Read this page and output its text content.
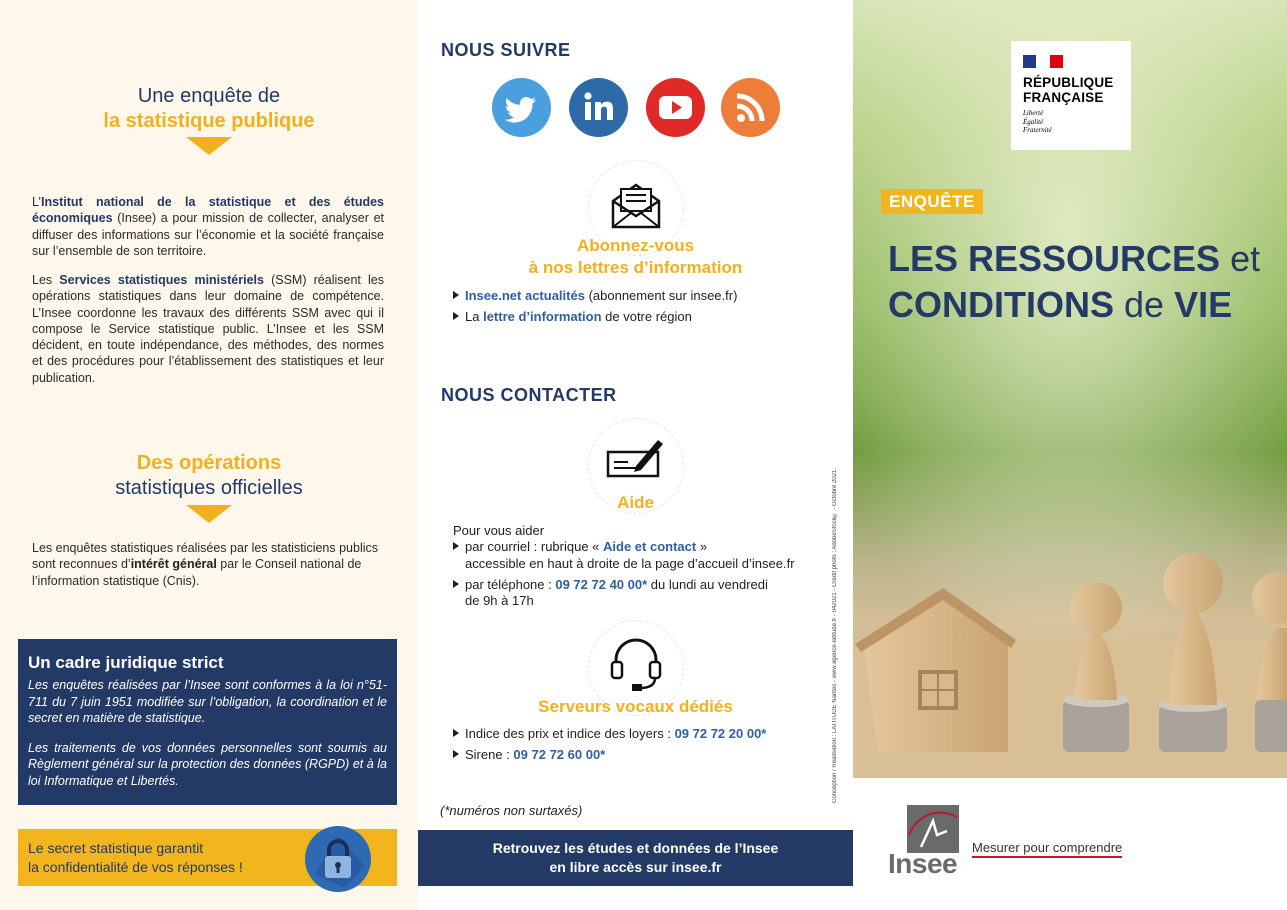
Une enquête de
la statistique publique
L’Institut national de la statistique et des études économiques (Insee) a pour mission de collecter, analyser et diffuser des informations sur l’économie et la société française sur l’ensemble de son territoire.
Les Services statistiques ministériels (SSM) réalisent les opérations statistiques dans leur domaine de compétence. L’Insee coordonne les travaux des différents SSM avec qui il compose le Service statistique public. L’Insee et les SSM décident, en toute indépendance, des méthodes, des normes et des procédures pour l’établissement des statistiques et leur publication.
Des opérations
statistiques officielles
Les enquêtes statistiques réalisées par les statisticiens publics sont reconnues d’intérêt général par le Conseil national de l’information statistique (Cnis).
Un cadre juridique strict

Les enquêtes réalisées par l’Insee sont conformes à la loi n°51-711 du 7 juin 1951 modifiée sur l’obligation, la coordination et le secret en matière de statistique.

Les traitements de vos données personnelles sont soumis au Règlement général sur la protection des données (RGPD) et à la loi Informatique et Libertés.

Le secret statistique garantit
la confidentialité de vos réponses !
NOUS SUIVRE
Abonnez-vous
à nos lettres d’information
Insee.net actualités (abonnement sur insee.fr)
La lettre d’information de votre région
NOUS CONTACTER
Aide
Pour vous aider
par courriel : rubrique « Aide et contact »
accessible en haut à droite de la page d’accueil d’insee.fr
par téléphone : 09 72 72 40 00* du lundi au vendredi
de 9h à 17h
Serveurs vocaux dédiés
Indice des prix et indice des loyers : 09 72 72 20 00*
Sirene : 09 72 72 60 00*
(*numéros non surtaxés)
Conception / Réalisation : LATITUDE Nantes - www.agence-latitude.fr - 042021 - Crédit photo : AdobeStock® - Octobre 2021.
Retrouvez les études et données de l’Insee
en libre accès sur insee.fr
RÉPUBLIQUE
FRANÇAISE
Liberté
Égalité
Fraternité
ENQUÊTE
LES RESSOURCES et
CONDITIONS de VIE
Insee
Mesurer pour comprendre
